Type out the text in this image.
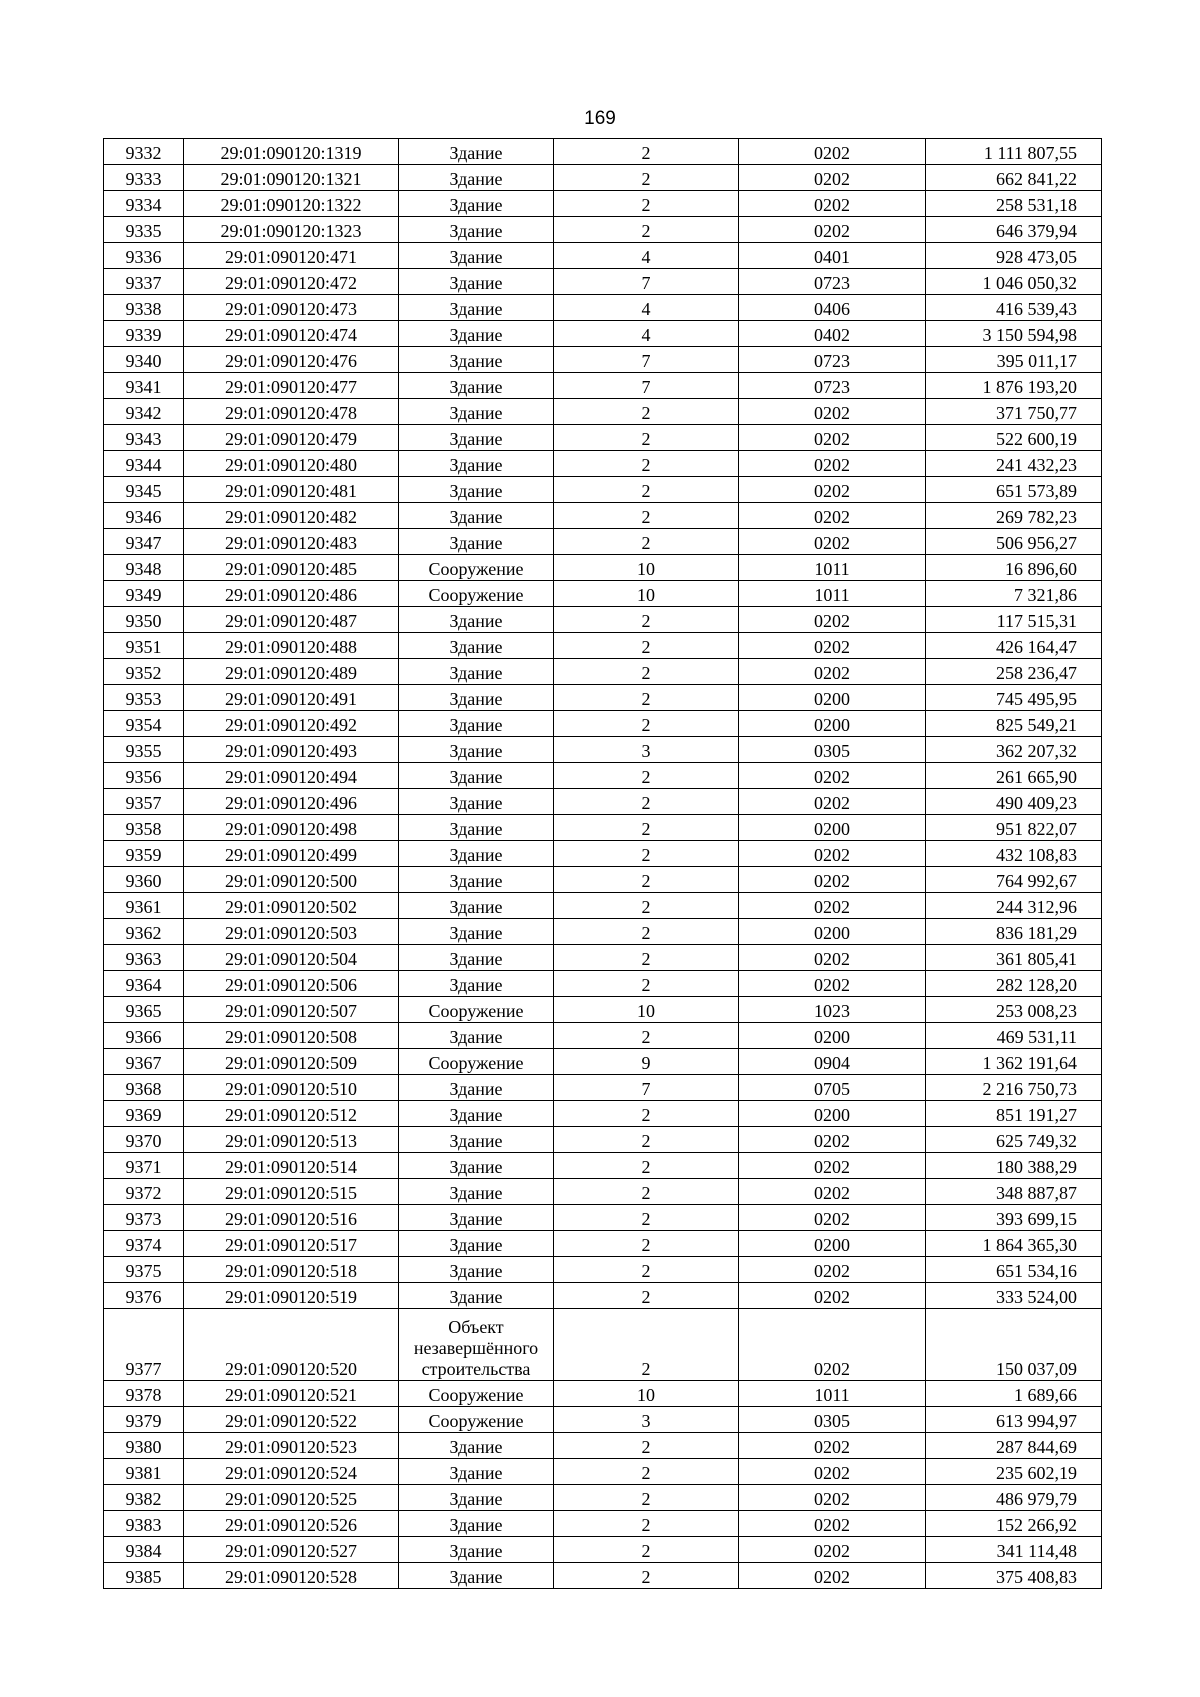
169
9332	29:01:090120:1319	Здание	2	0202	1 111 807,55
9333	29:01:090120:1321	Здание	2	0202	662 841,22
9334	29:01:090120:1322	Здание	2	0202	258 531,18
9335	29:01:090120:1323	Здание	2	0202	646 379,94
9336	29:01:090120:471	Здание	4	0401	928 473,05
9337	29:01:090120:472	Здание	7	0723	1 046 050,32
9338	29:01:090120:473	Здание	4	0406	416 539,43
9339	29:01:090120:474	Здание	4	0402	3 150 594,98
9340	29:01:090120:476	Здание	7	0723	395 011,17
9341	29:01:090120:477	Здание	7	0723	1 876 193,20
9342	29:01:090120:478	Здание	2	0202	371 750,77
9343	29:01:090120:479	Здание	2	0202	522 600,19
9344	29:01:090120:480	Здание	2	0202	241 432,23
9345	29:01:090120:481	Здание	2	0202	651 573,89
9346	29:01:090120:482	Здание	2	0202	269 782,23
9347	29:01:090120:483	Здание	2	0202	506 956,27
9348	29:01:090120:485	Сооружение	10	1011	16 896,60
9349	29:01:090120:486	Сооружение	10	1011	7 321,86
9350	29:01:090120:487	Здание	2	0202	117 515,31
9351	29:01:090120:488	Здание	2	0202	426 164,47
9352	29:01:090120:489	Здание	2	0202	258 236,47
9353	29:01:090120:491	Здание	2	0200	745 495,95
9354	29:01:090120:492	Здание	2	0200	825 549,21
9355	29:01:090120:493	Здание	3	0305	362 207,32
9356	29:01:090120:494	Здание	2	0202	261 665,90
9357	29:01:090120:496	Здание	2	0202	490 409,23
9358	29:01:090120:498	Здание	2	0200	951 822,07
9359	29:01:090120:499	Здание	2	0202	432 108,83
9360	29:01:090120:500	Здание	2	0202	764 992,67
9361	29:01:090120:502	Здание	2	0202	244 312,96
9362	29:01:090120:503	Здание	2	0200	836 181,29
9363	29:01:090120:504	Здание	2	0202	361 805,41
9364	29:01:090120:506	Здание	2	0202	282 128,20
9365	29:01:090120:507	Сооружение	10	1023	253 008,23
9366	29:01:090120:508	Здание	2	0200	469 531,11
9367	29:01:090120:509	Сооружение	9	0904	1 362 191,64
9368	29:01:090120:510	Здание	7	0705	2 216 750,73
9369	29:01:090120:512	Здание	2	0200	851 191,27
9370	29:01:090120:513	Здание	2	0202	625 749,32
9371	29:01:090120:514	Здание	2	0202	180 388,29
9372	29:01:090120:515	Здание	2	0202	348 887,87
9373	29:01:090120:516	Здание	2	0202	393 699,15
9374	29:01:090120:517	Здание	2	0200	1 864 365,30
9375	29:01:090120:518	Здание	2	0202	651 534,16
9376	29:01:090120:519	Здание	2	0202	333 524,00
9377	29:01:090120:520	Объект незавершённого строительства	2	0202	150 037,09
9378	29:01:090120:521	Сооружение	10	1011	1 689,66
9379	29:01:090120:522	Сооружение	3	0305	613 994,97
9380	29:01:090120:523	Здание	2	0202	287 844,69
9381	29:01:090120:524	Здание	2	0202	235 602,19
9382	29:01:090120:525	Здание	2	0202	486 979,79
9383	29:01:090120:526	Здание	2	0202	152 266,92
9384	29:01:090120:527	Здание	2	0202	341 114,48
9385	29:01:090120:528	Здание	2	0202	375 408,83
